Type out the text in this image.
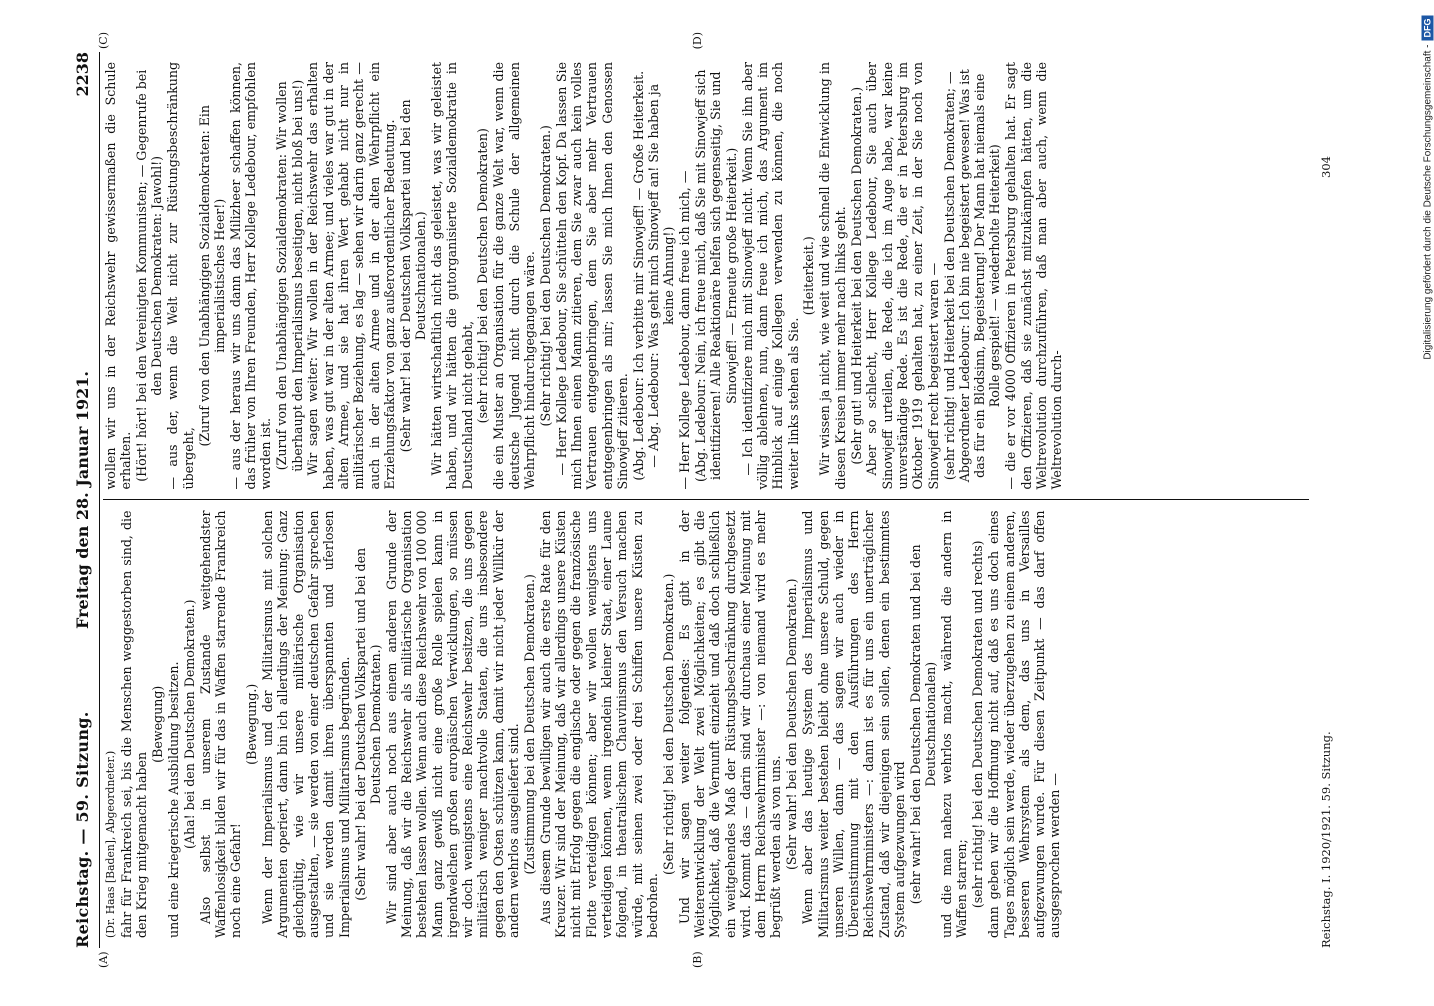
Reichstag. — 59. Sitzung.
Freitag den 28. Januar 1921.
2238
(A)	(B)
(C)	(D)

(Dr. Haas [Baden], Abgeordneter.) fahr für Frankreich sei, bis die Menschen weggestorben sind, die den Krieg mitgemacht haben

(Bewegung) und eine kriegerische Ausbildung besitzen. (Aha! bei den Deutschen Demokraten.) Also selbst in unserem Zustande weitgehendster Waffenlosigkeit bilden wir für das in Waffen starrende Frankreich noch eine Gefahr!

(Bewegung.) Wenn der Imperialismus und der Militarismus mit solchen Argumenten operiert, dann bin ich allerdings der Meinung: Ganz gleichgültig, wie wir unsere militärische Organisation ausgestalten, — sie werden von einer deutschen Gefahr sprechen und sie werden damit ihren überspannten und uferlosen Imperialismus und Militarismus begründen. (Sehr wahr! bei der Deutschen Volkspartei und bei den Deutschen Demokraten.) Wir sind aber auch noch aus einem anderen Grunde der Meinung, daß wir die Reichswehr als militärische Organisation bestehen lassen wollen. Wenn auch diese Reichswehr von 100 000 Mann ganz gewiß nicht eine große Rolle spielen kann in irgendwelchen großen europäischen Verwicklungen, so müssen wir doch wenigstens eine Reichswehr besitzen, die uns gegen militärisch weniger machtvolle Staaten, die uns insbesondere gegen den Osten schützen kann, damit wir nicht jeder Willkür der andern wehrlos ausgeliefert sind. (Zustimmung bei den Deutschen Demokraten.) Aus diesem Grunde bewilligen wir auch die erste Rate für den Kreuzer. Wir sind der Meinung, daß wir allerdings unsere Küsten nicht mit Erfolg gegen die englische oder gegen die französische Flotte verteidigen können; aber wir wollen wenigstens uns verteidigen können, wenn irgendein kleiner Staat, einer Laune folgend, in theatralischem Chauvinismus den Versuch machen würde, mit seinen zwei oder drei Schiffen unsere Küsten zu bedrohen.

(Sehr richtig! bei den Deutschen Demokraten.) Und wir sagen weiter folgendes: Es gibt in der Weiterentwicklung der Welt zwei Möglichkeiten; es gibt die Möglichkeit, daß die Vernunft einzieht und daß doch schließlich ein weitgehendes Maß der Rüstungsbeschränkung durchgesetzt wird. Kommt das — darin sind wir durchaus einer Meinung mit dem Herrn Reichswehrminister —: von niemand wird es mehr begrüßt werden als von uns. (Sehr wahr! bei den Deutschen Demokraten.) Wenn aber das heutige System des Imperialismus und Militarismus weiter bestehen bleibt ohne unsere Schuld, gegen unseren Willen, dann — das sagen wir auch wieder in Übereinstimmung mit den Ausführungen des Herrn Reichswehrministers —: dann ist es für uns ein unerträglicher Zustand, daß wir diejenigen sein sollen, denen ein bestimmtes System aufgezwungen wird (sehr wahr! bei den Deutschen Demokraten und bei den Deutschnationalen) und die man nahezu wehrlos macht, während die andern in Waffen starren; (sehr richtig! bei den Deutschen Demokraten und rechts) dann geben wir die Hoffnung nicht auf, daß es uns doch eines Tages möglich sein werde, wieder überzugehen zu einem anderen, besseren Wehrsystem als dem, das uns in Versailles aufgezwungen wurde. Für diesen Zeitpunkt — das darf offen ausgesprochen werden —

wollen wir uns in der Reichswehr gewissermaßen die Schule erhalten. (Hört! hört! bei den Vereinigten Kommunisten; — Gegenrufe bei den Deutschen Demokraten: Jawohl!) — aus der, wenn die Welt nicht zur Rüstungsbeschränkung übergeht,

(Zuruf von den Unabhängigen Sozialdemokraten: Ein imperialistisches Heer!) — aus der heraus wir uns dann das Milizheer schaffen können, das früher von Ihren Freunden, Herr Kollege Ledebour, empfohlen worden ist. (Zuruf von den Unabhängigen Sozialdemokraten: Wir wollen überhaupt den Imperialismus beseitigen, nicht bloß bei uns!) Wir sagen weiter: Wir wollen in der Reichswehr das erhalten haben, was gut war in der alten Armee; und vieles war gut in der alten Armee, und sie hat ihren Wert gehabt nicht nur in militärischer Beziehung, es lag — sehen wir darin ganz gerecht — auch in der alten Armee und in der alten Wehrpflicht ein Erziehungsfaktor von ganz außerordentlicher Bedeutung. (Sehr wahr! bei der Deutschen Volkspartei und bei den Deutschnationalen.) Wir hätten wirtschaftlich nicht das geleistet, was wir geleistet haben, und wir hätten die gutorganisierte Sozialdemokratie in Deutschland nicht gehabt, (sehr richtig! bei den Deutschen Demokraten) die ein Muster an Organisation für die ganze Welt war, wenn die deutsche Jugend nicht durch die Schule der allgemeinen Wehrpflicht hindurchgegangen wäre. (Sehr richtig! bei den Deutschen Demokraten.) — Herr Kollege Ledebour, Sie schütteln den Kopf. Da lassen Sie mich Ihnen einen Mann zitieren, dem Sie zwar auch kein volles Vertrauen entgegenbringen, dem Sie aber mehr Vertrauen entgegenbringen als mir; lassen Sie mich Ihnen den Genossen Sinowjeff zitieren. (Abg. Ledebour: Ich verbitte mir Sinowjeff! — Große Heiterkeit. — Abg. Ledebour: Was geht mich Sinowjeff an! Sie haben ja keine Ahnung!) — Herr Kollege Ledebour, dann freue ich mich, — (Abg. Ledebour: Nein, ich freue mich, daß Sie mit Sinowjeff sich identifizieren! Alle Reaktionäre helfen sich gegenseitig, Sie und Sinowjeff! — Erneute große Heiterkeit.) — Ich identifiziere mich mit Sinowjeff nicht. Wenn Sie ihn aber völlig ablehnen, nun, dann freue ich mich, das Argument im Hinblick auf einige Kollegen verwenden zu können, die noch weiter links stehen als Sie.

(Heiterkeit.) Wir wissen ja nicht, wie weit und wie schnell die Entwicklung in diesen Kreisen immer mehr nach links geht. (Sehr gut! und Heiterkeit bei den Deutschen Demokraten.) Aber so schlecht, Herr Kollege Ledebour, Sie auch über Sinowjeff urteilen, die Rede, die ich im Auge habe, war keine unverständige Rede. Es ist die Rede, die er in Petersburg im Oktober 1919 gehalten hat, zu einer Zeit, in der Sie noch von Sinowjeff recht begeistert waren — (sehr richtig! und Heiterkeit bei den Deutschen Demokraten; — Abgeordneter Ledebour: Ich bin nie begeistert gewesen! Was ist das für ein Blödsinn, Begeisterung! Der Mann hat niemals eine Rolle gespielt! — wiederholte Heiterkeit) — die er vor 4000 Offizieren in Petersburg gehalten hat. Er sagt den Offizieren, daß sie zunächst mitzukämpfen hätten, um die Weltrevolution durchzuführen, daß man aber auch, wenn die Weltrevolution durch-

Reichstag. I. 1920/1921. 59. Sitzung.
304	Digitalisierung gefördert durch die Deutsche Forschungsgemeinschaft -DFG
